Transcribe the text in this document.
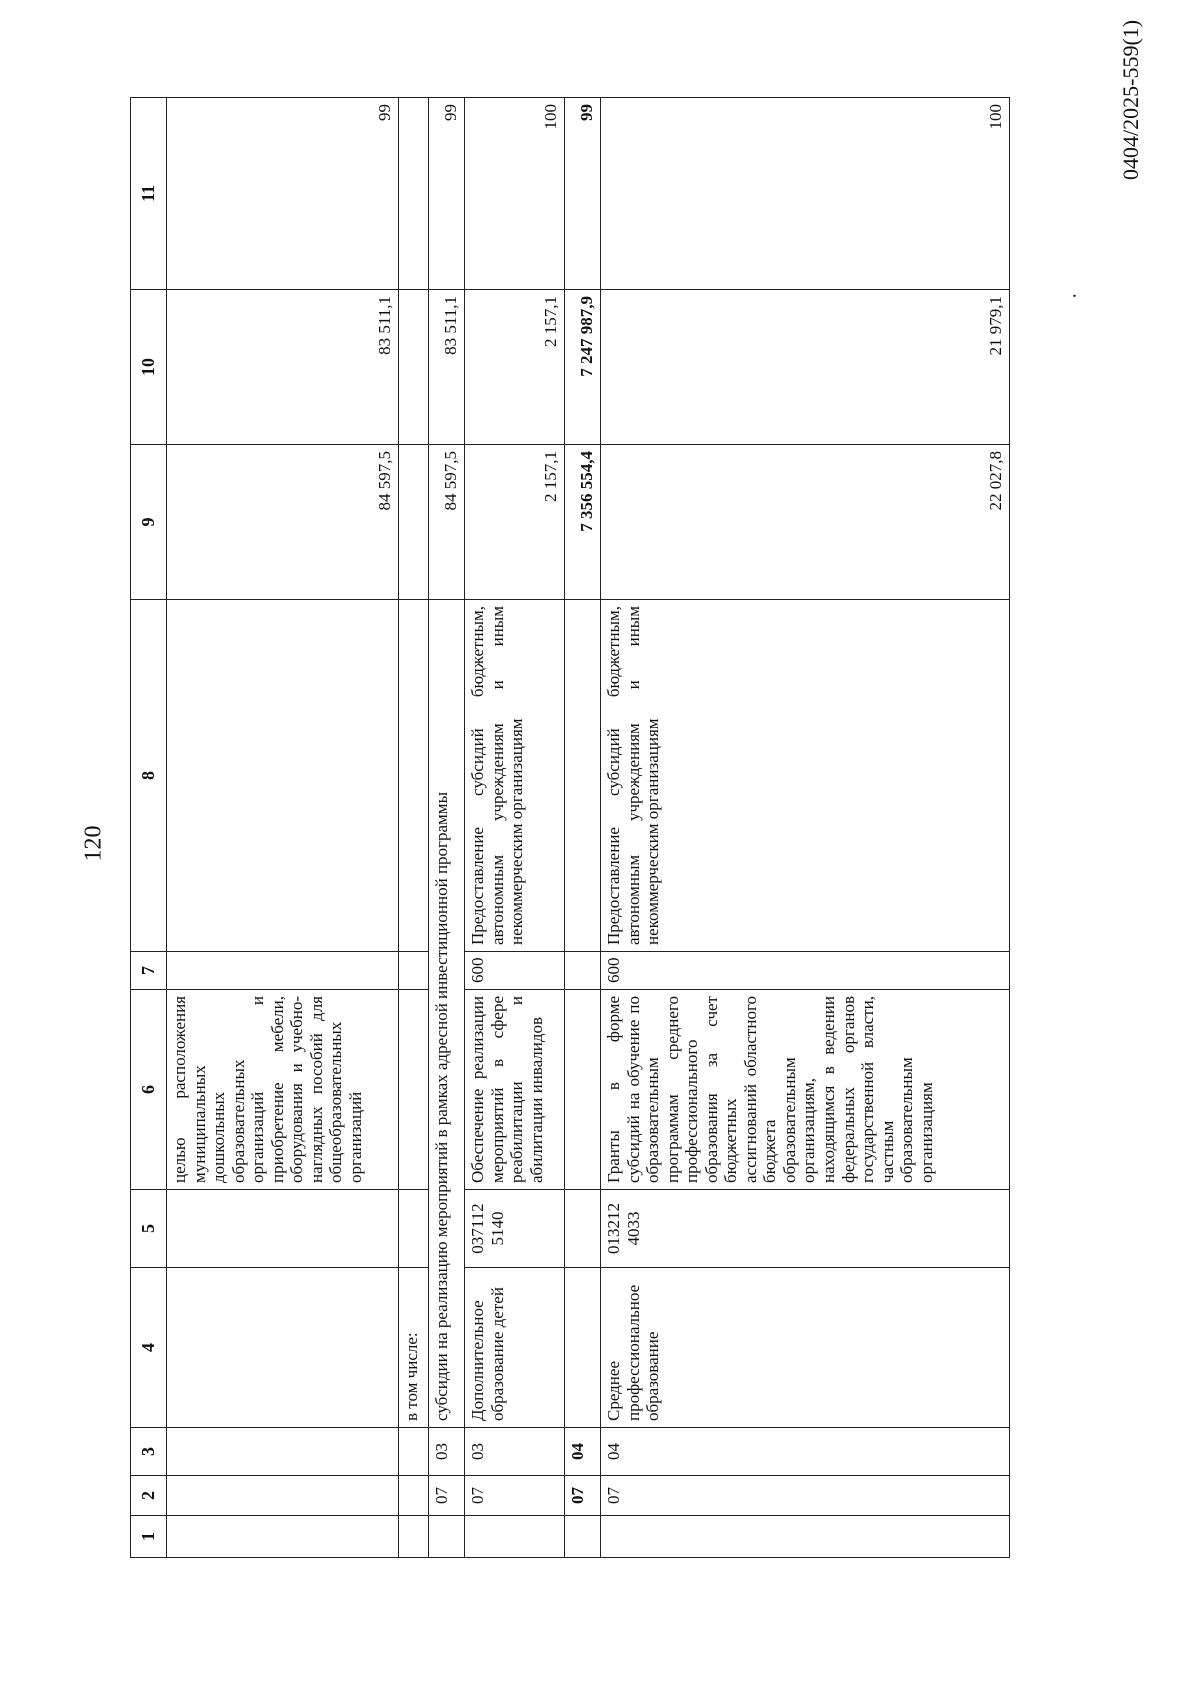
120
.
0404/2025-559(1)
1	2	3	4	5	6	7	8	9	10	11
					целью расположения муниципальных дошкольных образовательных организаций и приобретение мебели, оборудования и учебно-наглядных пособий для общеобразовательных организаций			84 597,5	83 511,1	99
			в том числе:							
	07	03	субсидии на реализацию мероприятий в рамках адресной инвестиционной программы					84 597,5	83 511,1	99
	07	03	Дополнительное образование детей	037112 5140	Обеспечение реализации мероприятий в сфере реабилитации и абилитации инвалидов	600	Предоставление субсидий бюджетным, автономным учреждениям и иным некоммерческим организациям	2 157,1	2 157,1	100
	07	04						7 356 554,4	7 247 987,9	99
	07	04	Среднее профессиональное образование	013212 4033	Гранты в форме субсидий на обучение по образовательным программам среднего профессионального образования за счет бюджетных ассигнований областного бюджета образовательным организациям, находящимся в ведении федеральных органов государственной власти, частным образовательным организациям	600	Предоставление субсидий бюджетным, автономным учреждениям и иным некоммерческим организациям	22 027,8	21 979,1	100
